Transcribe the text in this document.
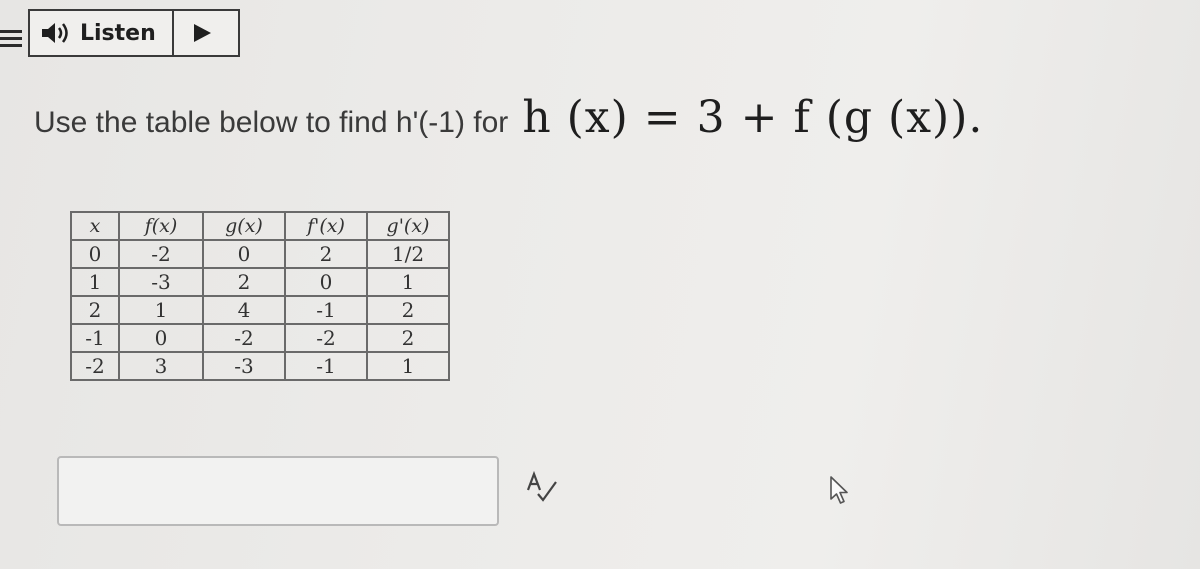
Listen
Use the table below to find h'(-1) for h (x) = 3 + f (g (x)).
x	f(x)	g(x)	f'(x)	g'(x)
0	-2	0	2	1/2
1	-3	2	0	1
2	1	4	-1	2
-1	0	-2	-2	2
-2	3	-3	-1	1
